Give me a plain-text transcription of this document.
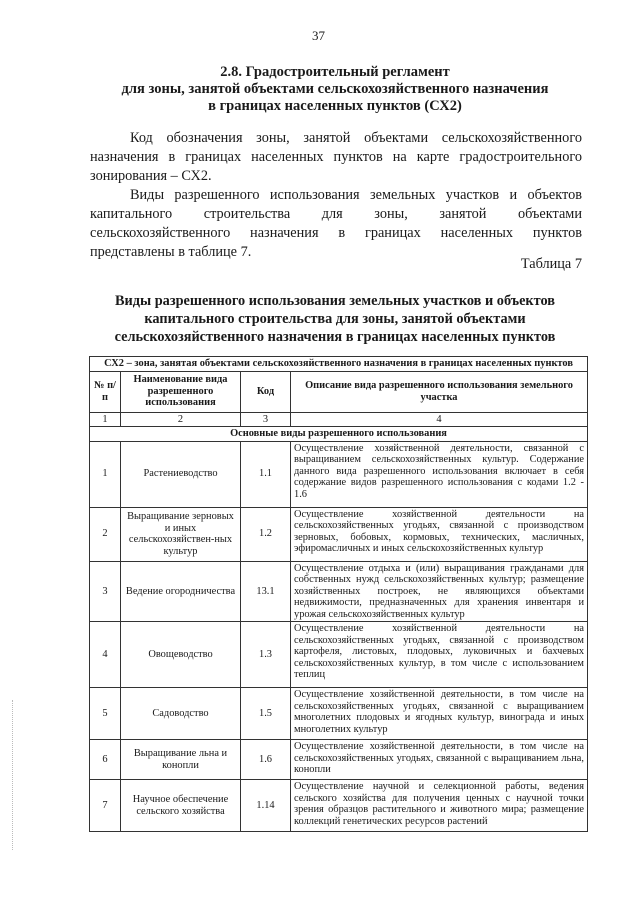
37
2.8. Градостроительный регламент
для зоны, занятой объектами сельскохозяйственного назначения
в границах населенных пунктов (СХ2)
Код обозначения зоны, занятой объектами сельскохозяйственного
назначения в границах населенных пунктов на карте градостроительного
зонирования – СХ2.
Виды разрешенного использования земельных участков и объектов
капитального строительства для зоны, занятой объектами
сельскохозяйственного назначения в границах населенных пунктов
представлены в таблице 7.
Таблица 7
Виды разрешенного использования земельных участков и объектов
капитального строительства для зоны, занятой объектами
сельскохозяйственного назначения в границах населенных пунктов
СХ2 – зона, занятая объектами сельскохозяйственного назначения в границах населенных пунктов			
№ п/п	Наименование вида разрешенного использования	Код	Описание вида разрешенного использования земельного участка
1	2	3	4
Основные виды разрешенного использования			
1	Растениеводство	1.1	Осуществление хозяйственной деятельности, связанной с выращиванием сельскохозяйственных культур. Содержание данного вида разрешенного использования включает в себя содержание видов разрешенного использования с кодами 1.2 - 1.6
2	Выращивание зерновых и иных сельскохозяйствен-ных культур	1.2	Осуществление хозяйственной деятельности на сельскохозяйственных угодьях, связанной с производством зерновых, бобовых, кормовых, технических, масличных, эфиромасличных и иных сельскохозяйственных культур
3	Ведение огородничества	13.1	Осуществление отдыха и (или) выращивания гражданами для собственных нужд сельскохозяйственных культур; размещение хозяйственных построек, не являющихся объектами недвижимости, предназначенных для хранения инвентаря и урожая сельскохозяйственных культур
4	Овощеводство	1.3	Осуществление хозяйственной деятельности на сельскохозяйственных угодьях, связанной с производством картофеля, листовых, плодовых, луковичных и бахчевых сельскохозяйственных культур, в том числе с использованием теплиц
5	Садоводство	1.5	Осуществление хозяйственной деятельности, в том числе на сельскохозяйственных угодьях, связанной с выращиванием многолетних плодовых и ягодных культур, винограда и иных многолетних культур
6	Выращивание льна и конопли	1.6	Осуществление хозяйственной деятельности, в том числе на сельскохозяйственных угодьях, связанной с выращиванием льна, конопли
7	Научное обеспечение сельского хозяйства	1.14	Осуществление научной и селекционной работы, ведения сельского хозяйства для получения ценных с научной точки зрения образцов растительного и животного мира; размещение коллекций генетических ресурсов растений
